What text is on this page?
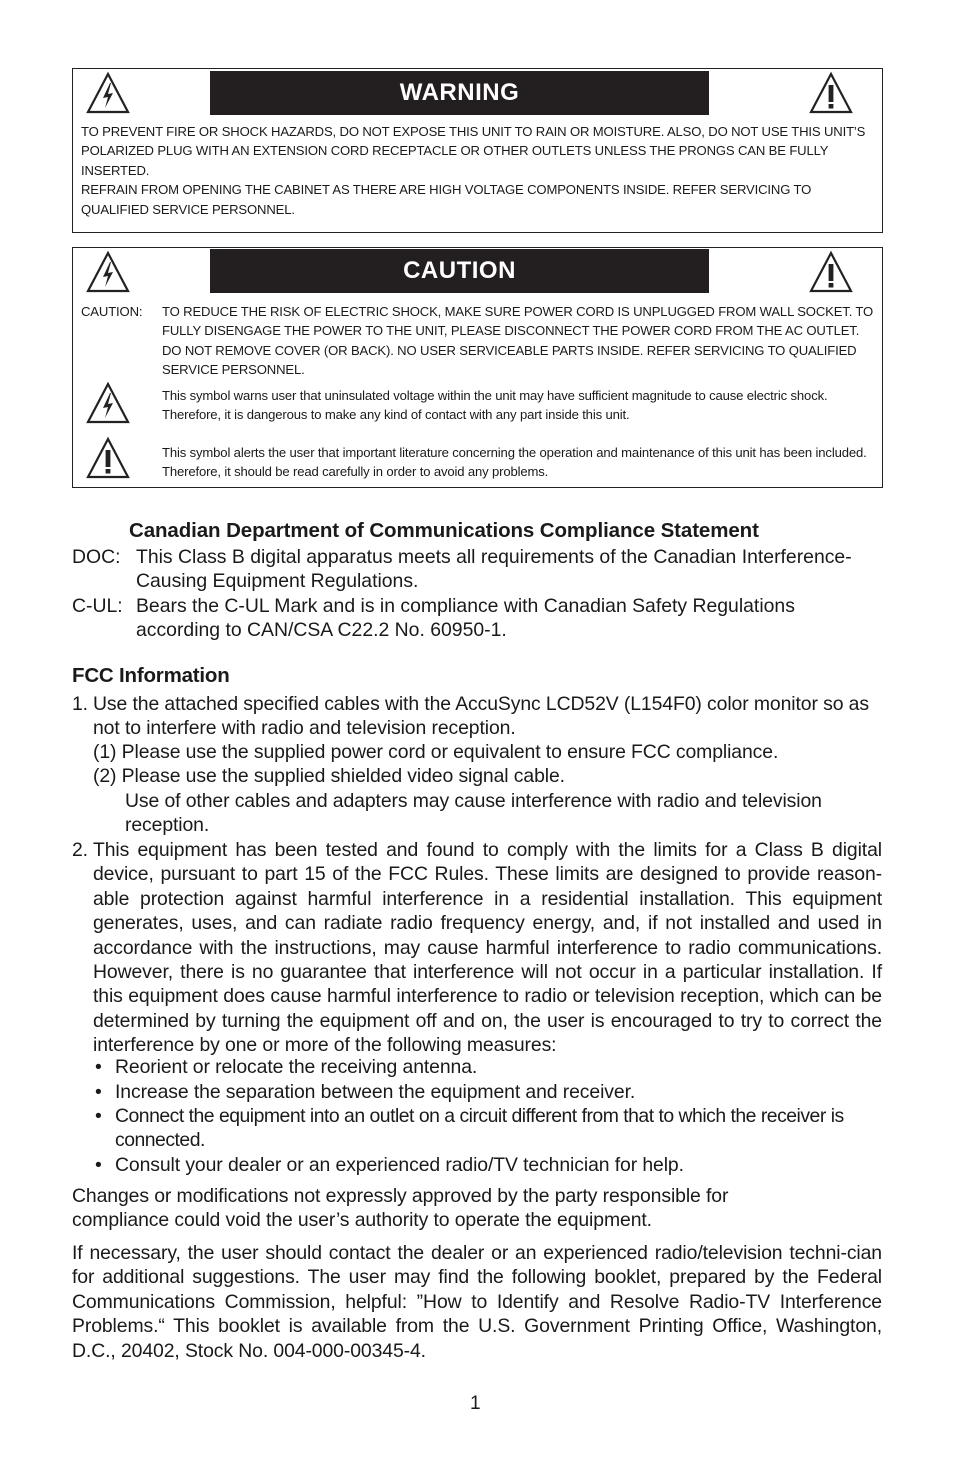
WARNING

TO PREVENT FIRE OR SHOCK HAZARDS, DO NOT EXPOSE THIS UNIT TO RAIN OR MOISTURE. ALSO, DO NOT USE THIS UNIT’S POLARIZED PLUG WITH AN EXTENSION CORD RECEPTACLE OR OTHER OUTLETS UNLESS THE PRONGS CAN BE FULLY INSERTED.

REFRAIN FROM OPENING THE CABINET AS THERE ARE HIGH VOLTAGE COMPONENTS INSIDE. REFER SERVICING TO QUALIFIED SERVICE PERSONNEL.

CAUTION
CAUTION: TO REDUCE THE RISK OF ELECTRIC SHOCK, MAKE SURE POWER CORD IS UNPLUGGED FROM WALL SOCKET. TO FULLY DISENGAGE THE POWER TO THE UNIT, PLEASE DISCONNECT THE POWER CORD FROM THE AC OUTLET. DO NOT REMOVE COVER (OR BACK). NO USER SERVICEABLE PARTS INSIDE. REFER SERVICING TO QUALIFIED SERVICE PERSONNEL.
This symbol warns user that uninsulated voltage within the unit may have sufficient magnitude to cause electric shock. Therefore, it is dangerous to make any kind of contact with any part inside this unit.
This symbol alerts the user that important literature concerning the operation and maintenance of this unit has been included. Therefore, it should be read carefully in order to avoid any problems.
Canadian Department of Communications Compliance Statement
DOC: This Class B digital apparatus meets all requirements of the Canadian Interference-Causing Equipment Regulations.
C-UL: Bears the C-UL Mark and is in compliance with Canadian Safety Regulations according to CAN/CSA C22.2 No. 60950-1.
FCC Information
1. Use the attached specified cables with the AccuSync LCD52V (L154F0) color monitor so as not to interfere with radio and television reception.

(1) Please use the supplied power cord or equivalent to ensure FCC compliance.

(2) Please use the supplied shielded video signal cable.

Use of other cables and adapters may cause interference with radio and television reception.

2. This equipment has been tested and found to comply with the limits for a Class B digital device, pursuant to part 15 of the FCC Rules. These limits are designed to provide reason-able protection against harmful interference in a residential installation. This equipment generates, uses, and can radiate radio frequency energy, and, if not installed and used in accordance with the instructions, may cause harmful interference to radio communications. However, there is no guarantee that interference will not occur in a particular installation. If this equipment does cause harmful interference to radio or television reception, which can be determined by turning the equipment off and on, the user is encouraged to try to correct the interference by one or more of the following measures:

• Reorient or relocate the receiving antenna.

• Increase the separation between the equipment and receiver.

• Connect the equipment into an outlet on a circuit different from that to which the receiver is connected.

• Consult your dealer or an experienced radio/TV technician for help.

Changes or modifications not expressly approved by the party responsible for compliance could void the user’s authority to operate the equipment.

If necessary, the user should contact the dealer or an experienced radio/television techni-cian for additional suggestions. The user may find the following booklet, prepared by the Federal Communications Commission, helpful: ”How to Identify and Resolve Radio-TV Interference Problems.“ This booklet is available from the U.S. Government Printing Office, Washington, D.C., 20402, Stock No. 004-000-00345-4.

1
